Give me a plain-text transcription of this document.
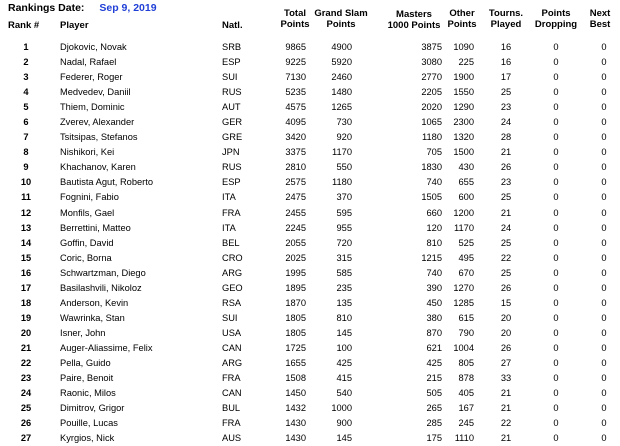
Rankings Date: Sep 9, 2019
Rank # Player	Natl.
Total
Points
Grand Slam
Points
Masters
1000 Points
Other
Points
Tourns.
Played
Points
Dropping
Next
Best
1	Djokovic, Novak	SRB	9865	4900	3875	1090	16	0	0
2	Nadal, Rafael	ESP	9225	5920	3080	225	16	0	0
3	Federer, Roger	SUI	7130	2460	2770	1900	17	0	0
4	Medvedev, Daniil	RUS	5235	1480	2205	1550	25	0	0
5	Thiem, Dominic	AUT	4575	1265	2020	1290	23	0	0
6	Zverev, Alexander	GER	4095	730	1065	2300	24	0	0
7	Tsitsipas, Stefanos	GRE	3420	920	1180	1320	28	0	0
8	Nishikori, Kei	JPN	3375	1170	705	1500	21	0	0
9	Khachanov, Karen	RUS	2810	550	1830	430	26	0	0
10	Bautista Agut, Roberto	ESP	2575	1180	740	655	23	0	0
11	Fognini, Fabio	ITA	2475	370	1505	600	25	0	0
12	Monfils, Gael	FRA	2455	595	660	1200	21	0	0
13	Berrettini, Matteo	ITA	2245	955	120	1170	24	0	0
14	Goffin, David	BEL	2055	720	810	525	25	0	0
15	Coric, Borna	CRO	2025	315	1215	495	22	0	0
16	Schwartzman, Diego	ARG	1995	585	740	670	25	0	0
17	Basilashvili, Nikoloz	GEO	1895	235	390	1270	26	0	0
18	Anderson, Kevin	RSA	1870	135	450	1285	15	0	0
19	Wawrinka, Stan	SUI	1805	810	380	615	20	0	0
20	Isner, John	USA	1805	145	870	790	20	0	0
21	Auger-Aliassime, Felix	CAN	1725	100	621	1004	26	0	0
22	Pella, Guido	ARG	1655	425	425	805	27	0	0
23	Paire, Benoit	FRA	1508	415	215	878	33	0	0
24	Raonic, Milos	CAN	1450	540	505	405	21	0	0
25	Dimitrov, Grigor	BUL	1432	1000	265	167	21	0	0
26	Pouille, Lucas	FRA	1430	900	285	245	22	0	0
27	Kyrgios, Nick	AUS	1430	145	175	1110	21	0	0
